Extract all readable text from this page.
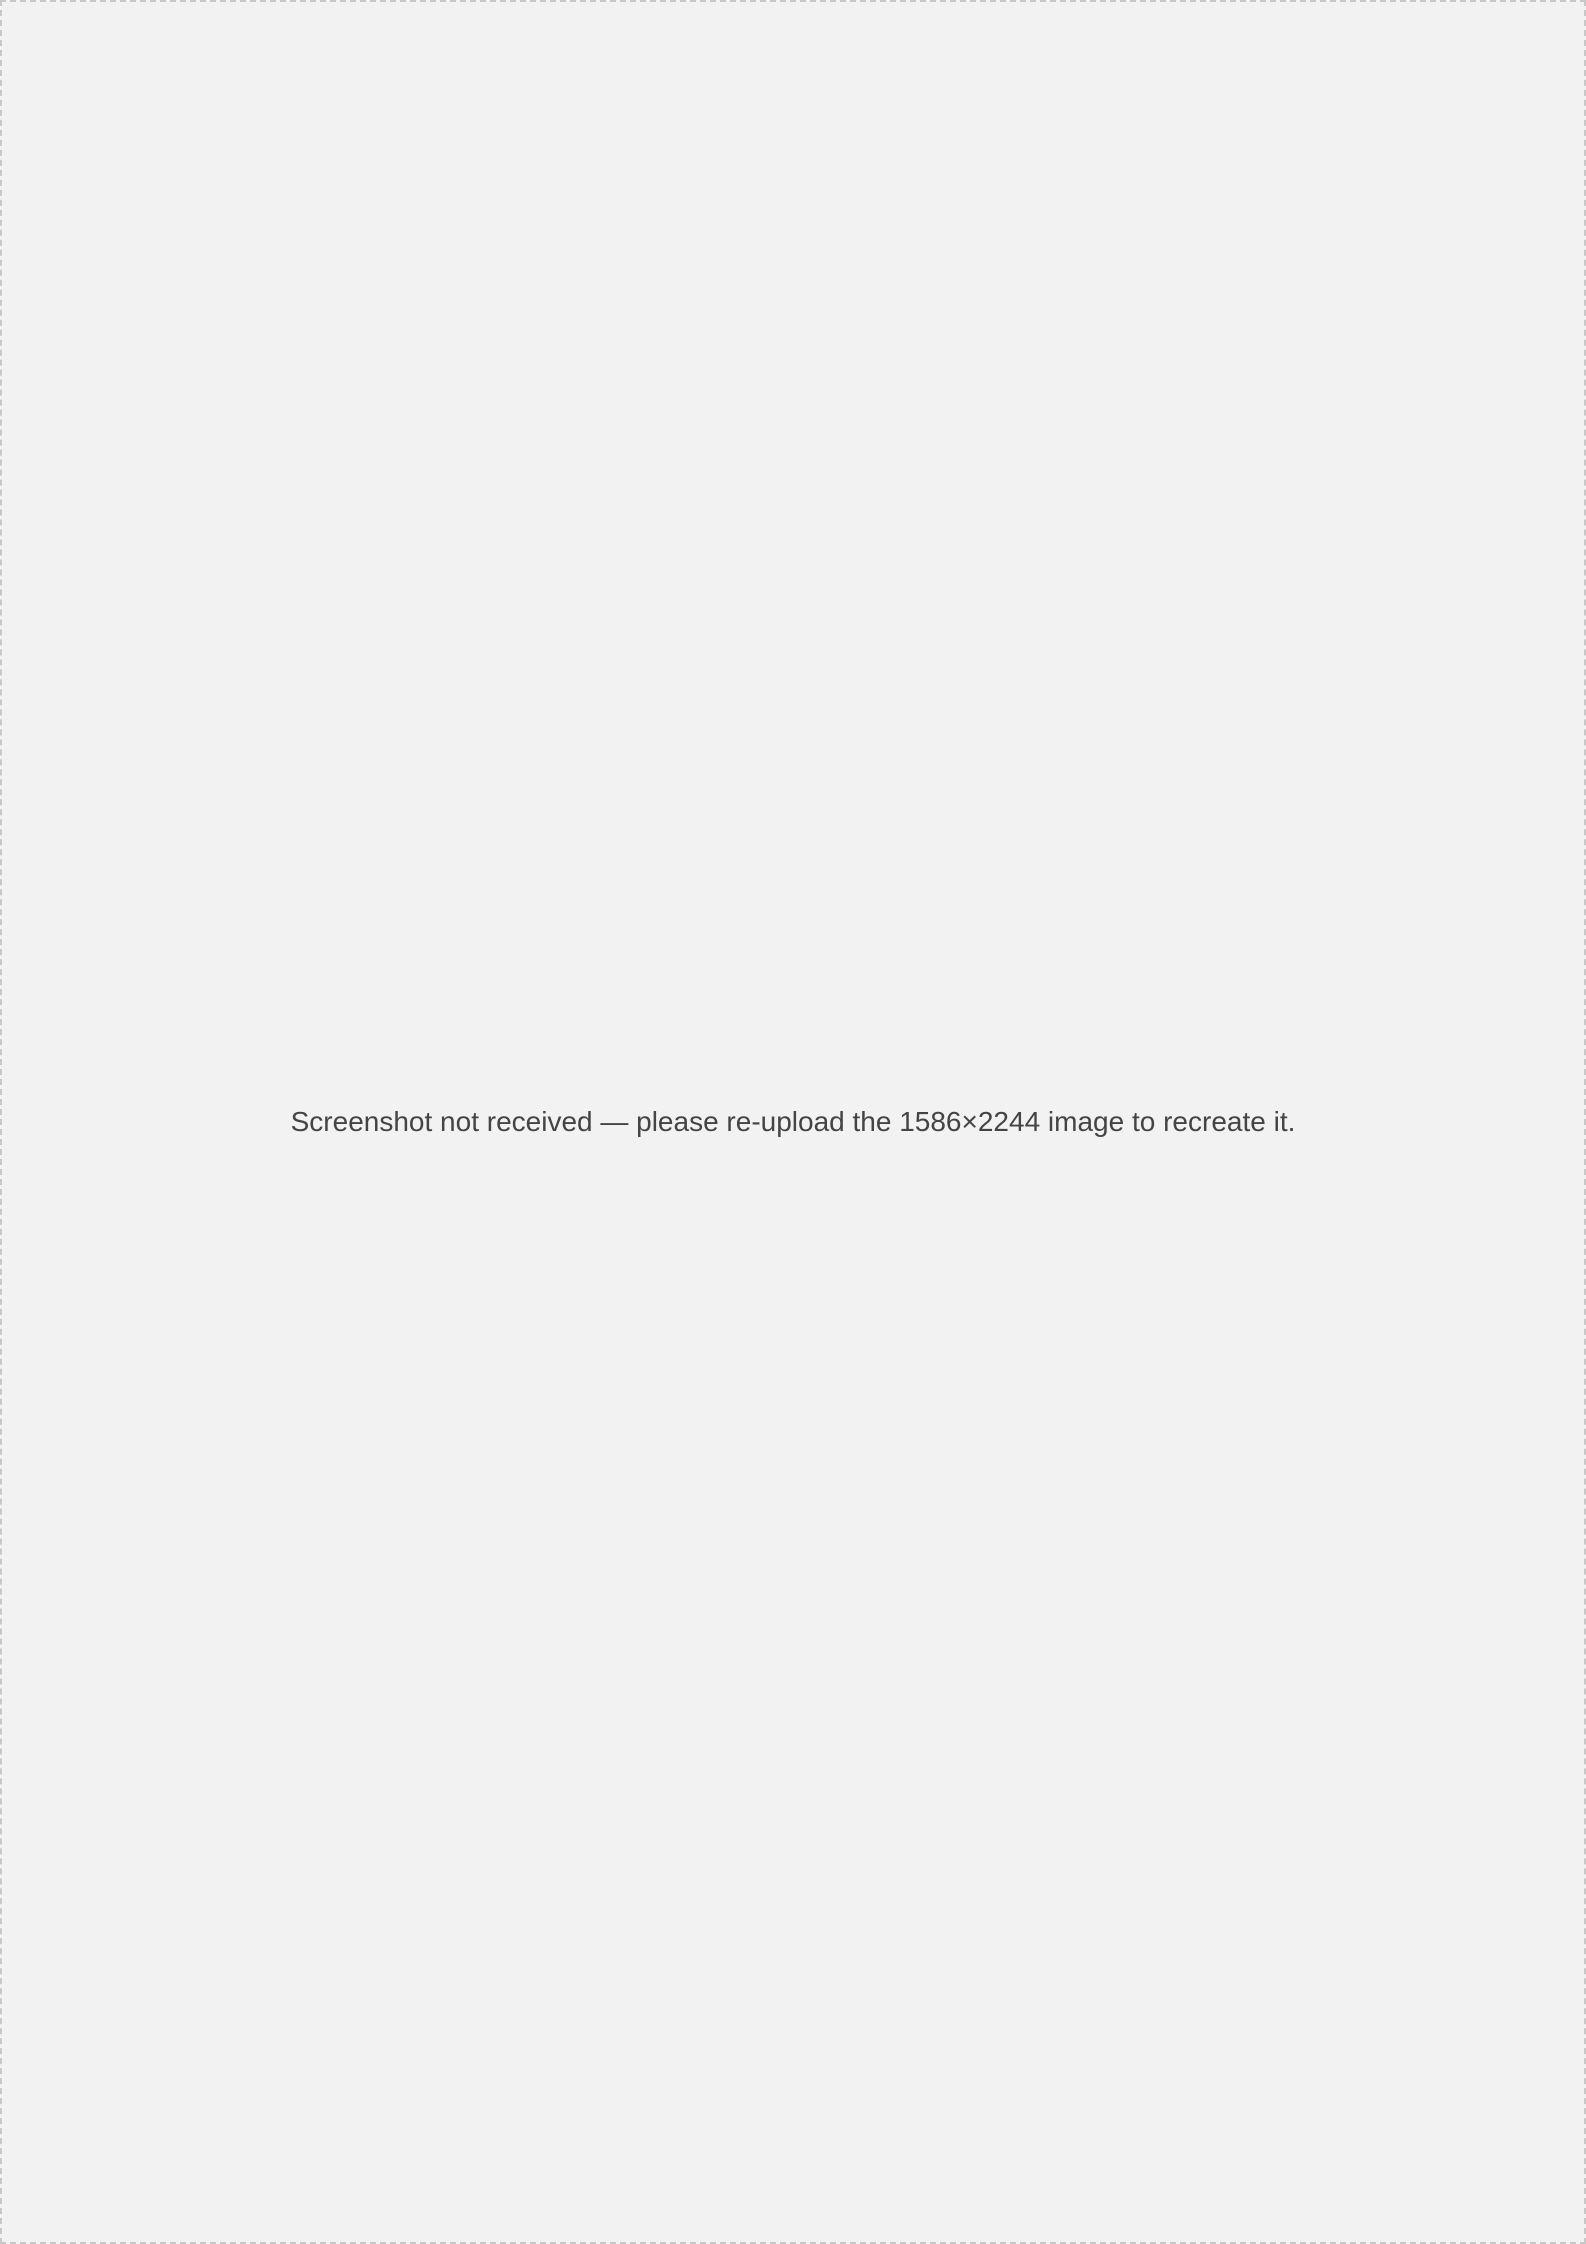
Screenshot not received — please re-upload the 1586×2244 image to recreate it.
